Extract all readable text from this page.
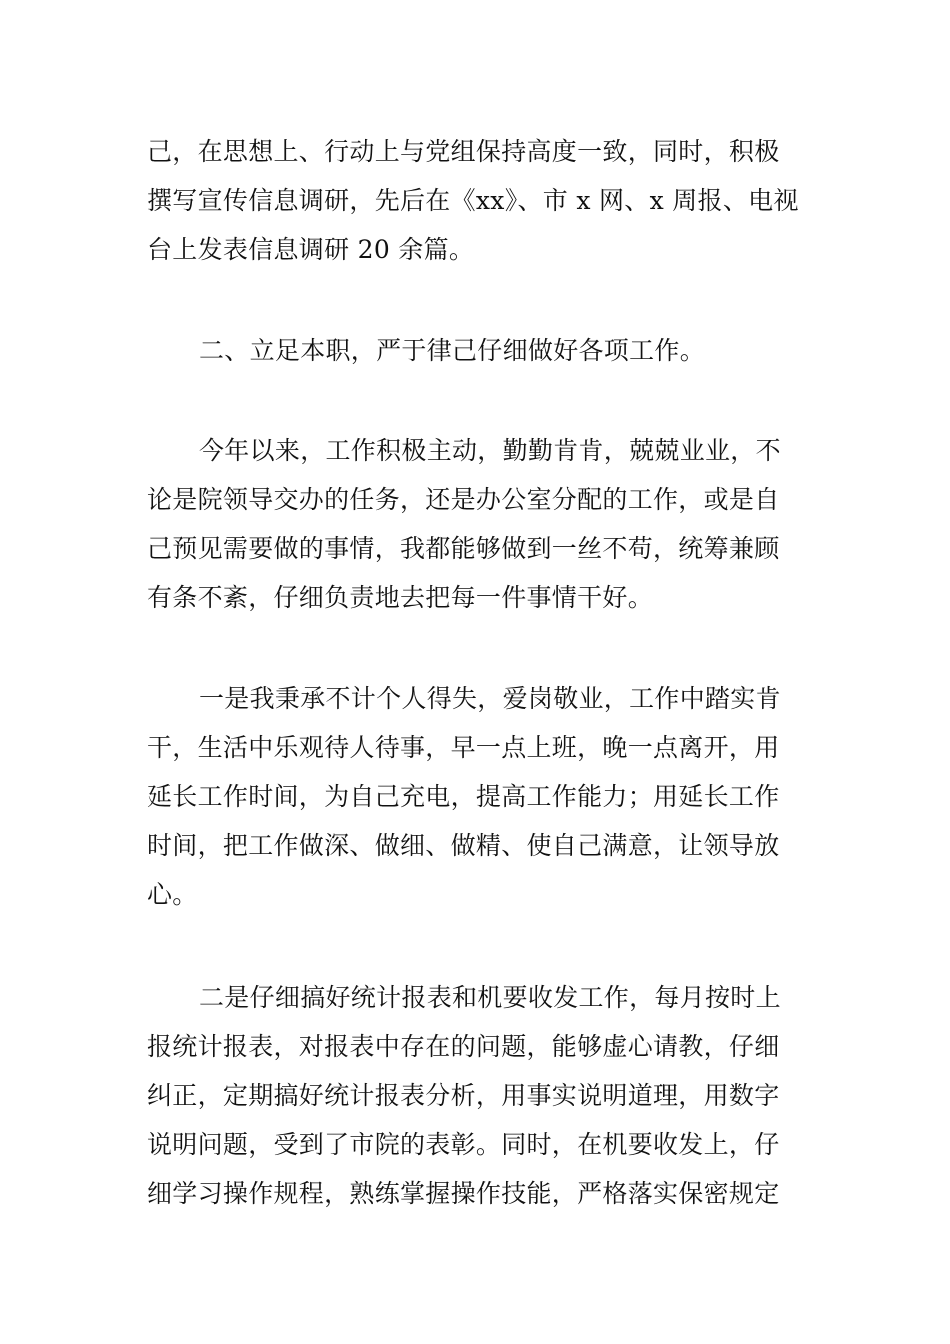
己，在思想上、行动上与党组保持高度一致，同时，积极
撰写宣传信息调研，先后在《xx》、市 x 网、x 周报、电视
台上发表信息调研 20 余篇。
二、立足本职，严于律己仔细做好各项工作。
今年以来，工作积极主动，勤勤肯肯，兢兢业业，不
论是院领导交办的任务，还是办公室分配的工作，或是自
己预见需要做的事情，我都能够做到一丝不苟，统筹兼顾
有条不紊，仔细负责地去把每一件事情干好。
一是我秉承不计个人得失，爱岗敬业，工作中踏实肯
干，生活中乐观待人待事，早一点上班，晚一点离开，用
延长工作时间，为自己充电，提高工作能力；用延长工作
时间，把工作做深、做细、做精、使自己满意，让领导放
心。
二是仔细搞好统计报表和机要收发工作，每月按时上
报统计报表，对报表中存在的问题，能够虚心请教，仔细
纠正，定期搞好统计报表分析，用事实说明道理，用数字
说明问题，受到了市院的表彰。同时，在机要收发上，仔
细学习操作规程，熟练掌握操作技能，严格落实保密规定
